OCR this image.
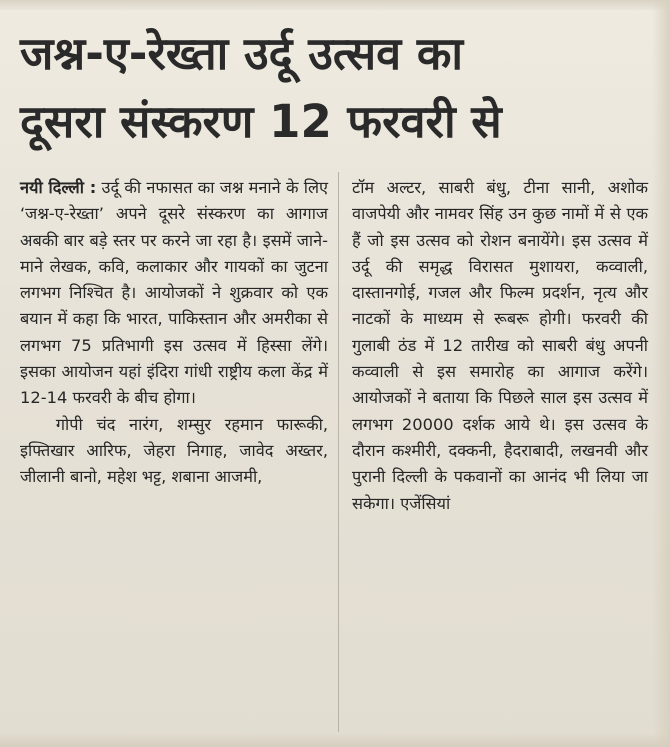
जश्न-ए-रेख्ता उर्दू उत्सव का
दूसरा संस्करण 12 फरवरी से

नयी दिल्ली : उर्दू की नफासत का जश्न मनाने के लिए ‘जश्न-ए-रेख्ता’ अपने दूसरे संस्करण का आगाज अबकी बार बड़े स्तर पर करने जा रहा है। इसमें जाने-माने लेखक, कवि, कलाकार और गायकों का जुटना लगभग निश्चित है। आयोजकों ने शुक्रवार को एक बयान में कहा कि भारत, पाकिस्तान और अमरीका से लगभग 75 प्रतिभागी इस उत्सव में हिस्सा लेंगे। इसका आयोजन यहां इंदिरा गांधी राष्ट्रीय कला केंद्र में 12-14 फरवरी के बीच होगा।

गोपी चंद नारंग, शम्सुर रहमान फारूकी, इफ्तिखार आरिफ, जेहरा निगाह, जावेद अख्तर, जीलानी बानो, महेश भट्ट, शबाना आजमी,

टॉम अल्टर, साबरी बंधु, टीना सानी, अशोक वाजपेयी और नामवर सिंह उन कुछ नामों में से एक हैं जो इस उत्सव को रोशन बनायेंगे। इस उत्सव में उर्दू की समृद्ध विरासत मुशायरा, कव्वाली, दास्तानगोई, गजल और फिल्म प्रदर्शन, नृत्य और नाटकों के माध्यम से रूबरू होगी। फरवरी की गुलाबी ठंड में 12 तारीख को साबरी बंधु अपनी कव्वाली से इस समारोह का आगाज करेंगे। आयोजकों ने बताया कि पिछले साल इस उत्सव में लगभग 20000 दर्शक आये थे। इस उत्सव के दौरान कश्मीरी, दक्कनी, हैदराबादी, लखनवी और पुरानी दिल्ली के पकवानों का आनंद भी लिया जा सकेगा। एजेंसियां
